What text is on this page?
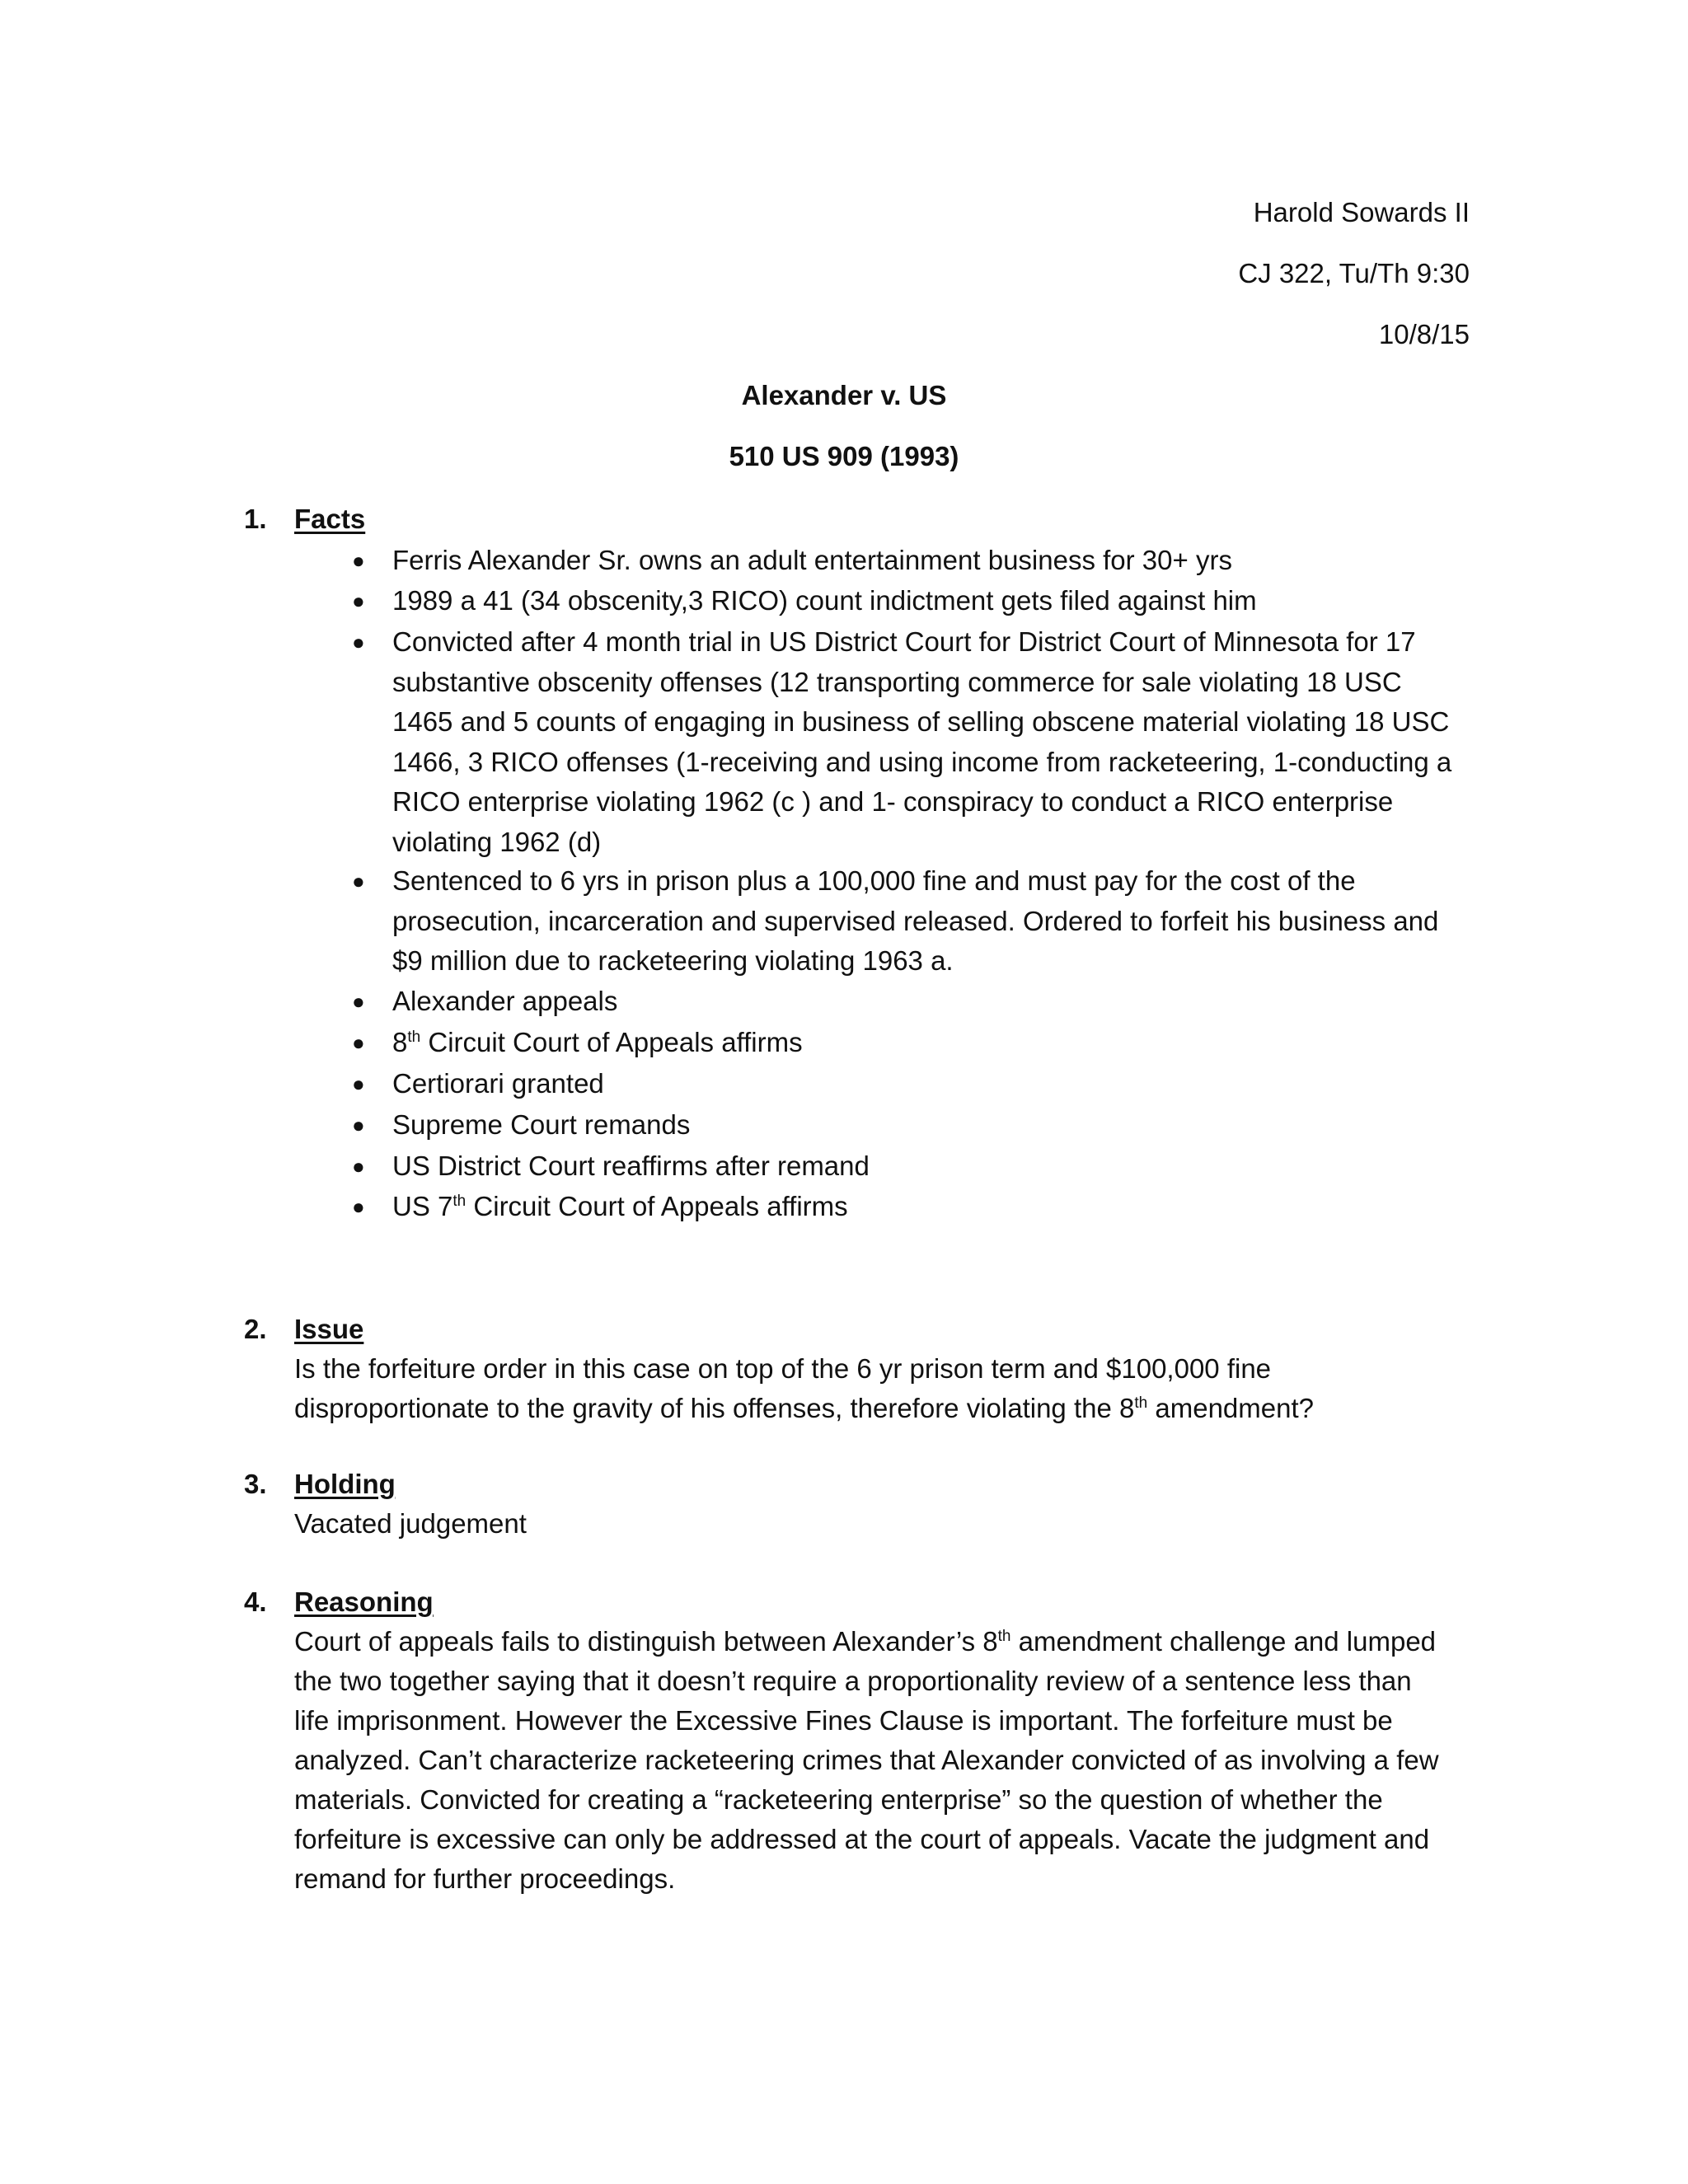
Harold Sowards II
CJ 322, Tu/Th 9:30
10/8/15
Alexander v. US
510 US 909 (1993)
1. Facts
● Ferris Alexander Sr. owns an adult entertainment business for 30+ yrs
● 1989 a 41 (34 obscenity,3 RICO) count indictment gets filed against him
● Convicted after 4 month trial in US District Court for District Court of Minnesota for 17
substantive obscenity offenses (12 transporting commerce for sale violating 18 USC
1465 and 5 counts of engaging in business of selling obscene material violating 18 USC
1466, 3 RICO offenses (1-receiving and using income from racketeering, 1-conducting a
RICO enterprise violating 1962 (c ) and 1- conspiracy to conduct a RICO enterprise
violating 1962 (d)
● Sentenced to 6 yrs in prison plus a 100,000 fine and must pay for the cost of the
prosecution, incarceration and supervised released. Ordered to forfeit his business and
$9 million due to racketeering violating 1963 a.
● Alexander appeals
● 8th Circuit Court of Appeals affirms
● Certiorari granted
● Supreme Court remands
● US District Court reaffirms after remand
● US 7th Circuit Court of Appeals affirms
2. Issue
Is the forfeiture order in this case on top of the 6 yr prison term and $100,000 fine
disproportionate to the gravity of his offenses, therefore violating the 8th amendment?
3. Holding
Vacated judgement
4. Reasoning
Court of appeals fails to distinguish between Alexander’s 8th amendment challenge and lumped
the two together saying that it doesn’t require a proportionality review of a sentence less than
life imprisonment. However the Excessive Fines Clause is important. The forfeiture must be
analyzed. Can’t characterize racketeering crimes that Alexander convicted of as involving a few
materials. Convicted for creating a “racketeering enterprise” so the question of whether the
forfeiture is excessive can only be addressed at the court of appeals. Vacate the judgment and
remand for further proceedings.
